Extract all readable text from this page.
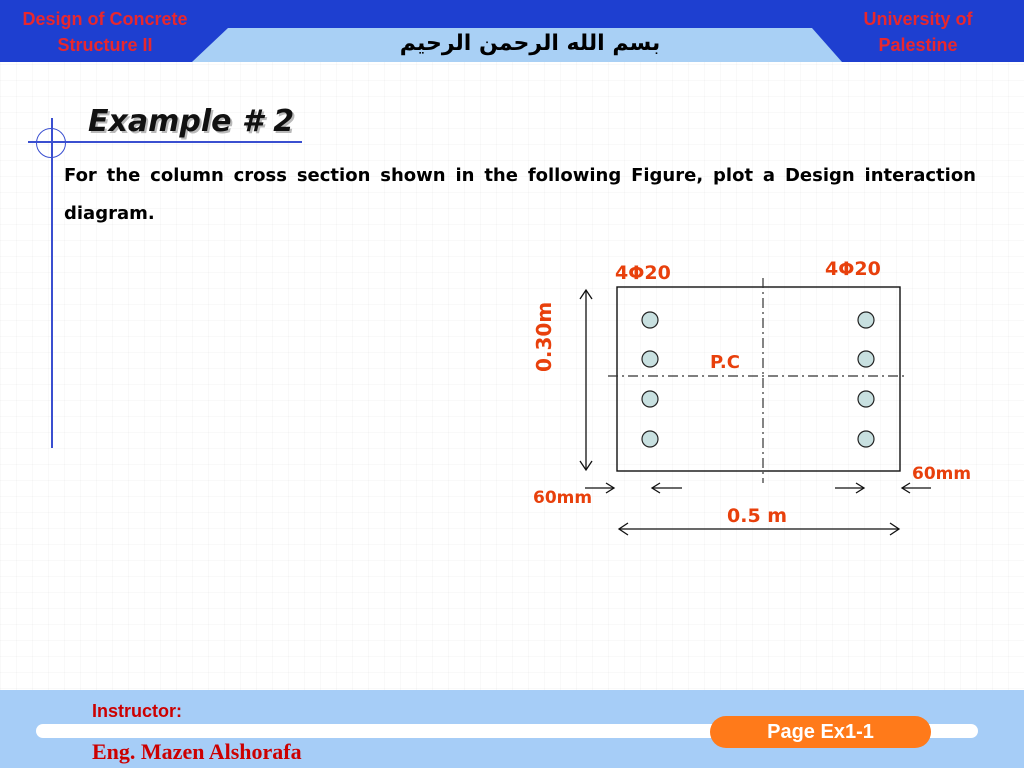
Design of Concrete
Structure II	بسم الله الرحمن الرحيم
University of
Palestine
Example # 2
For the column cross section shown in the following Figure, plot a Design interaction diagram.
4Φ20	4Φ20
P.C
0.30m
60mm
60mm
0.5 m
Instructor:
Eng. Mazen Alshorafa
Page Ex1-1
